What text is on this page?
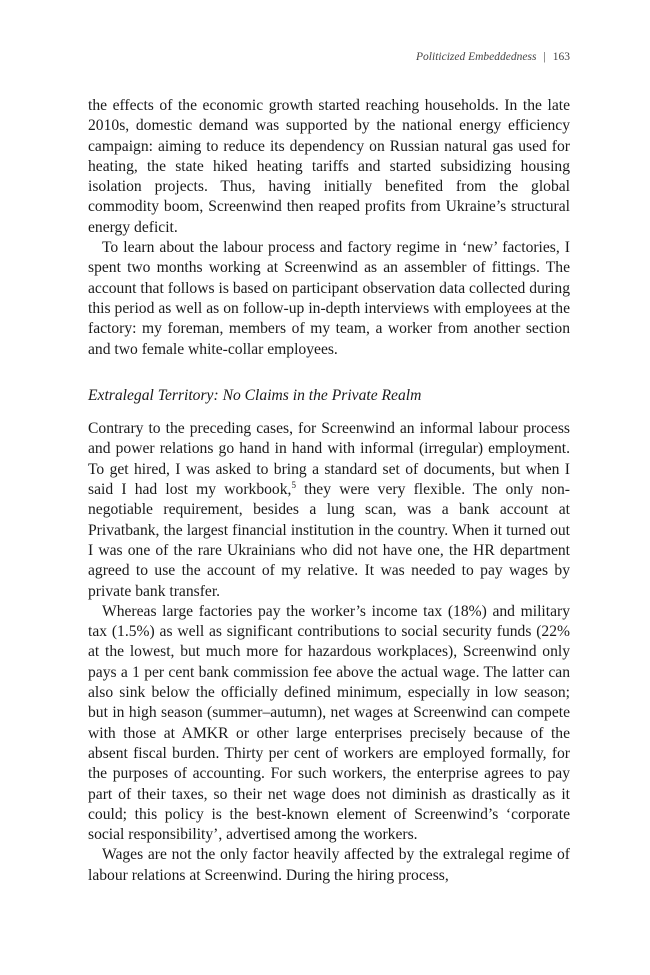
Politicized Embeddedness | 163

the effects of the economic growth started reaching households. In the late 2010s, domestic demand was supported by the national energy efficiency campaign: aiming to reduce its dependency on Russian natural gas used for heating, the state hiked heating tariffs and started subsidizing housing isolation projects. Thus, having initially benefited from the global commodity boom, Screenwind then reaped profits from Ukraine’s structural energy deficit.

To learn about the labour process and factory regime in ‘new’ factories, I spent two months working at Screenwind as an assembler of fittings. The account that follows is based on participant observation data collected during this period as well as on follow-up in-depth interviews with employees at the factory: my foreman, members of my team, a worker from another section and two female white-collar employees.

Extralegal Territory: No Claims in the Private Realm

Contrary to the preceding cases, for Screenwind an informal labour process and power relations go hand in hand with informal (irregular) employment. To get hired, I was asked to bring a standard set of documents, but when I said I had lost my workbook,$^5$ they were very flexible. The only non-negotiable requirement, besides a lung scan, was a bank account at Privatbank, the largest financial institution in the country. When it turned out I was one of the rare Ukrainians who did not have one, the HR department agreed to use the account of my relative. It was needed to pay wages by private bank transfer.

Whereas large factories pay the worker’s income tax (18%) and military tax (1.5%) as well as significant contributions to social security funds (22% at the lowest, but much more for hazardous workplaces), Screenwind only pays a 1 per cent bank commission fee above the actual wage. The latter can also sink below the officially defined minimum, especially in low season; but in high season (summer–autumn), net wages at Screenwind can compete with those at AMKR or other large enterprises precisely because of the absent fiscal burden. Thirty per cent of workers are employed formally, for the purposes of accounting. For such workers, the enterprise agrees to pay part of their taxes, so their net wage does not diminish as drastically as it could; this policy is the best-known element of Screenwind’s ‘corporate social responsibility’, advertised among the workers.

Wages are not the only factor heavily affected by the extralegal regime of labour relations at Screenwind. During the hiring process,
